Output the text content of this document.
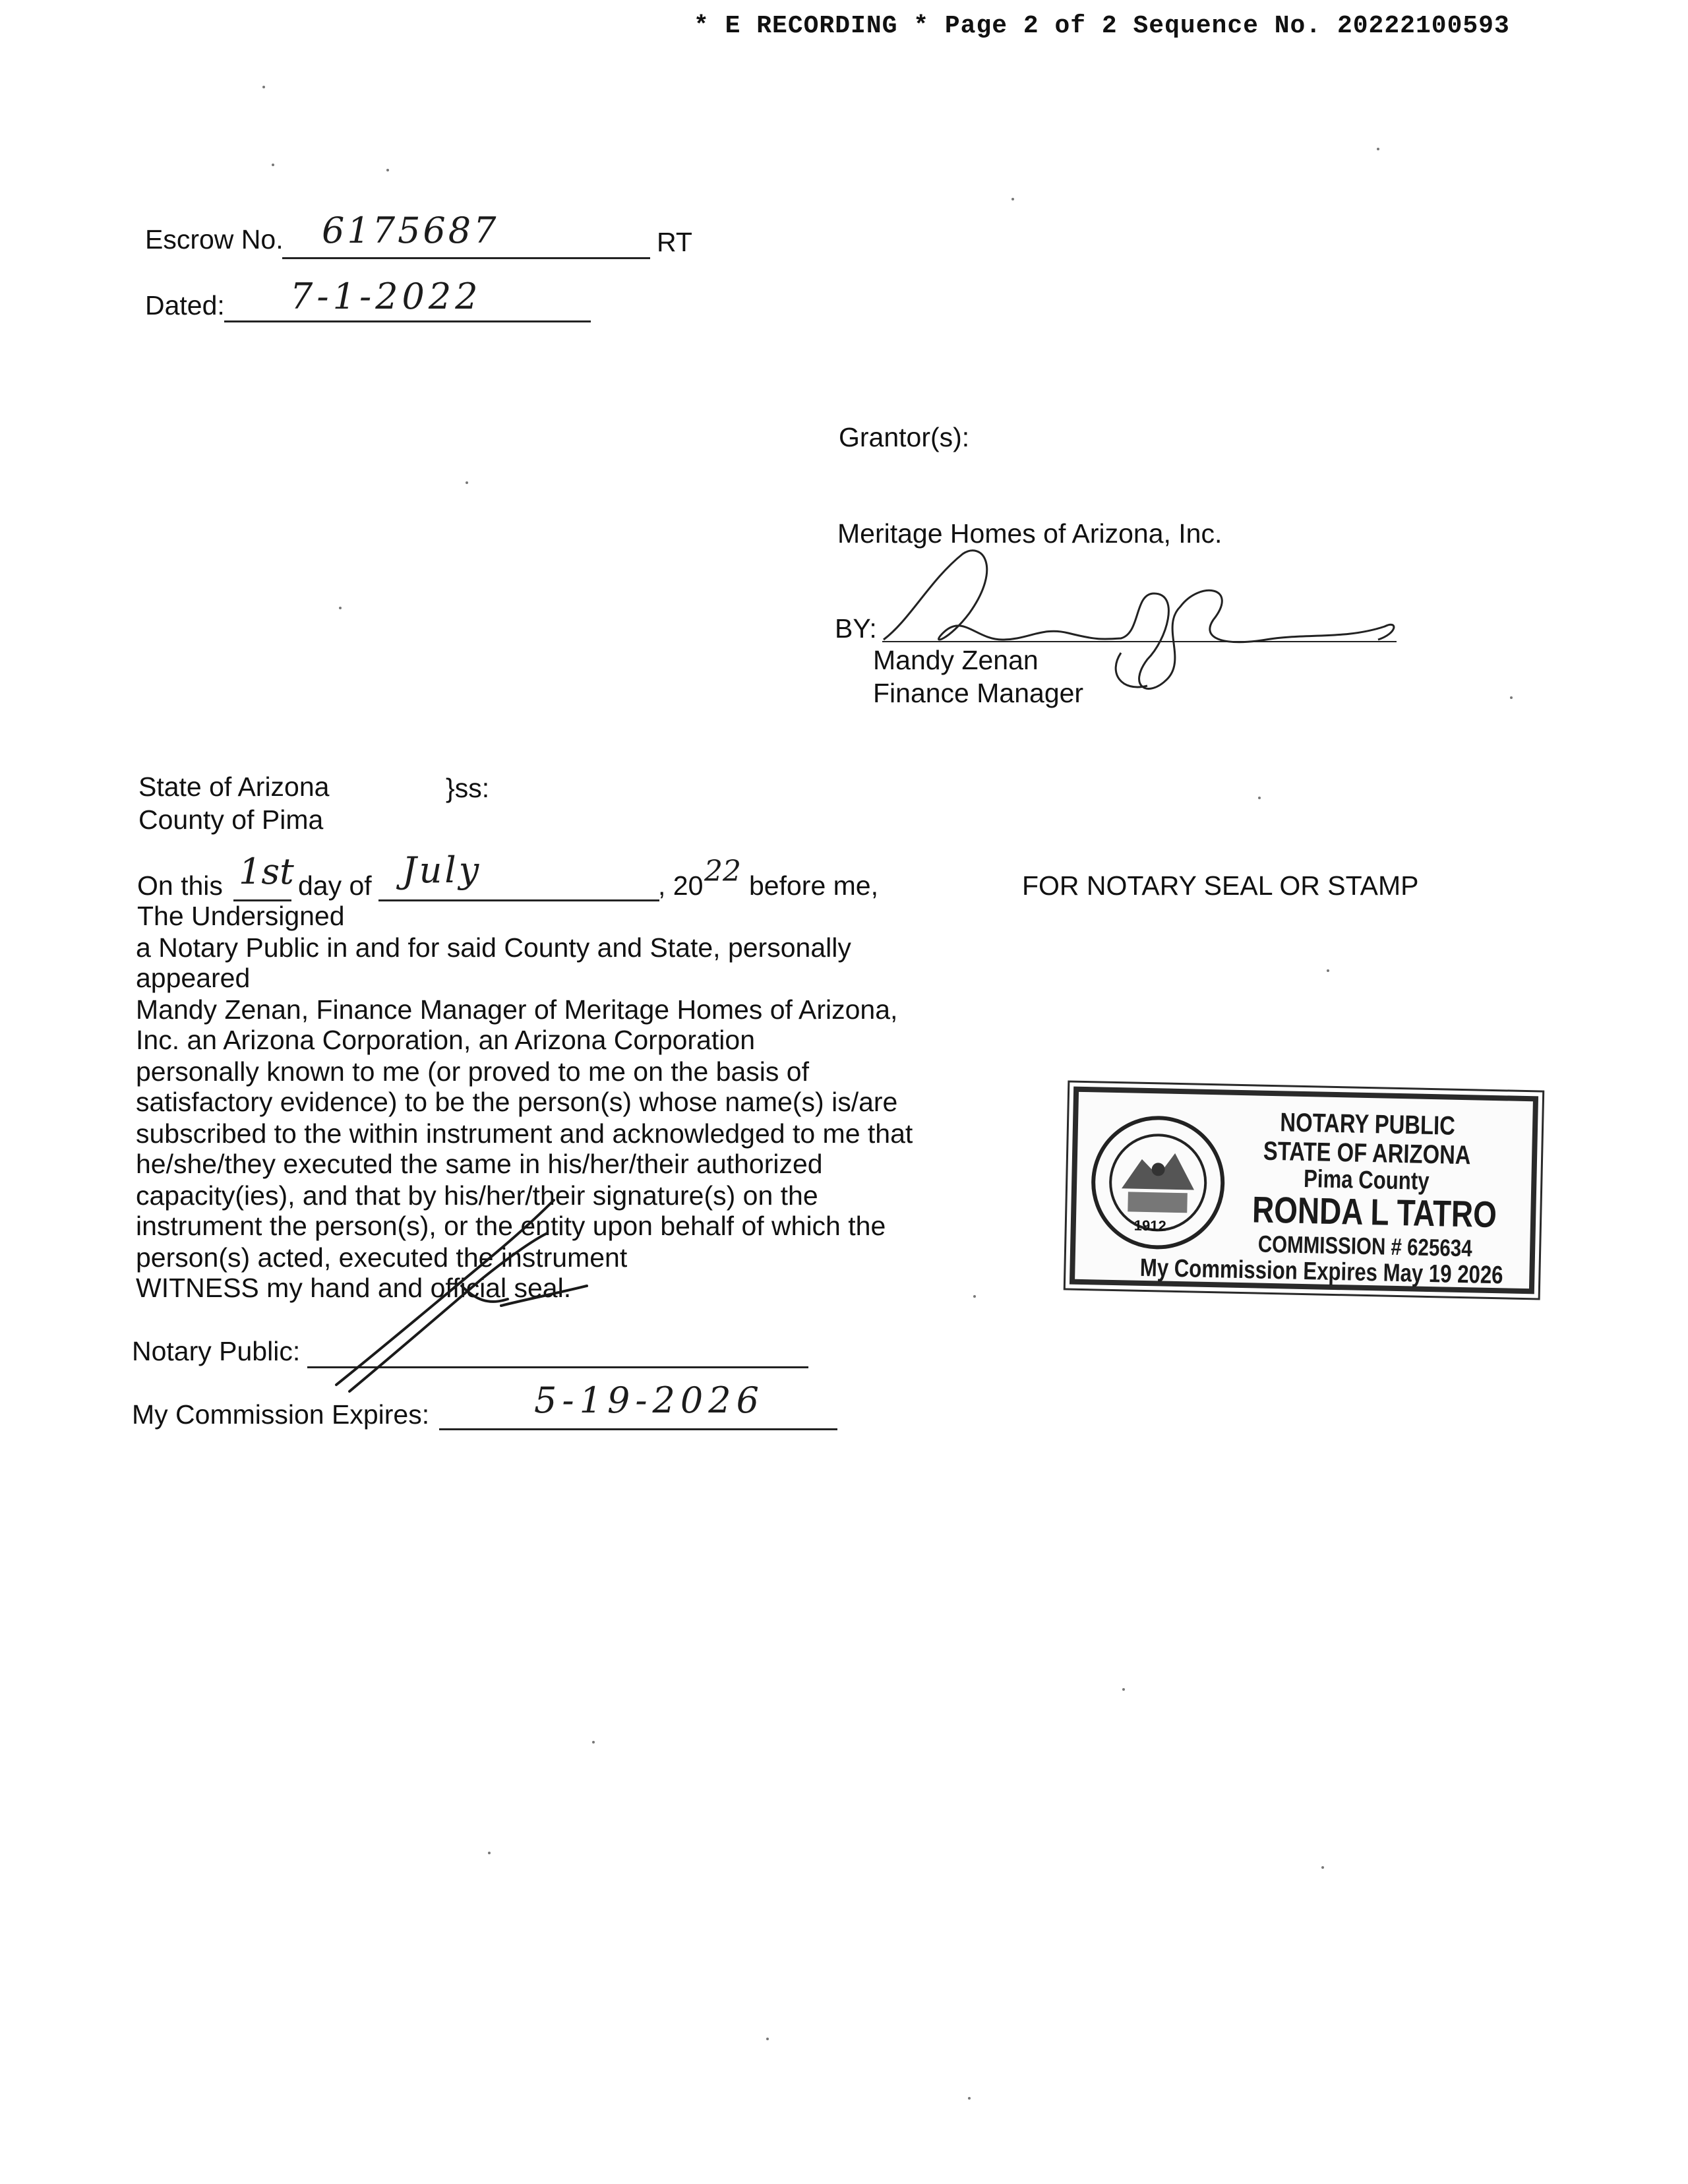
* E RECORDING * Page 2 of 2 Sequence No. 20222100593
Escrow No. 6175687	RT
Dated: 7-1-2022
Grantor(s):
Meritage Homes of Arizona, Inc.
BY:
Mandy Zenan
Finance Manager
State of Arizona
County of Pima
}ss:
On this 1st day of July	, 20 22 before me,
The Undersigned
a Notary Public in and for said County and State, personally
appeared
Mandy Zenan, Finance Manager of Meritage Homes of Arizona,
Inc. an Arizona Corporation, an Arizona Corporation
personally known to me (or proved to me on the basis of
satisfactory evidence) to be the person(s) whose name(s) is/are
subscribed to the within instrument and acknowledged to me that
he/she/they executed the same in his/her/their authorized
capacity(ies), and that by his/her/their signature(s) on the
instrument the person(s), or the entity upon behalf of which the
person(s) acted, executed the instrument
WITNESS my hand and official seal.
Notary Public:
My Commission Expires:	5-19-2026
FOR NOTARY SEAL OR STAMP
1912
NOTARY PUBLIC
STATE OF ARIZONA
Pima County
RONDA L TATRO
COMMISSION # 625634
My Commission Expires May 19 2026
